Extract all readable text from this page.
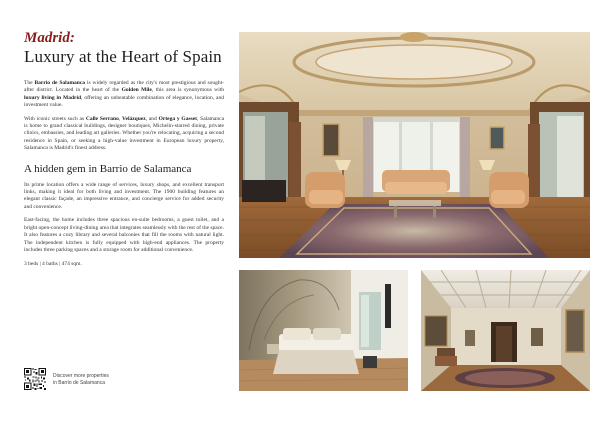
Madrid:
Luxury at the Heart of Spain

The Barrio de Salamanca is widely regarded as the city's most prestigious and sought-after district. Located in the heart of the Golden Mile, this area is synonymous with luxury living in Madrid, offering an unbeatable combination of elegance, location, and investment value.

With iconic streets such as Calle Serrano, Velázquez, and Ortega y Gasset, Salamanca is home to grand classical buildings, designer boutiques, Michelin-starred dining, private clinics, embassies, and leading art galleries. Whether you're relocating, acquiring a second residence in Spain, or seeking a high-value investment in European luxury property, Salamanca is Madrid's finest address.

A hidden gem in Barrio de Salamanca

Its prime location offers a wide range of services, luxury shops, and excellent transport links, making it ideal for both living and investment. The 1900 building features an elegant classic façade, an impressive entrance, and concierge service for added security and convenience.

East-facing, the home includes three spacious en-suite bedrooms, a guest toilet, and a bright open-concept living-dining area that integrates seamlessly with the rest of the space. It also features a cozy library and several balconies that fill the rooms with natural light. The independent kitchen is fully equipped with high-end appliances. The property includes three parking spaces and a storage room for additional convenience.

3 beds | 4 baths | 474 sqm.
Discover more properties
in Barrio de Salamanca
